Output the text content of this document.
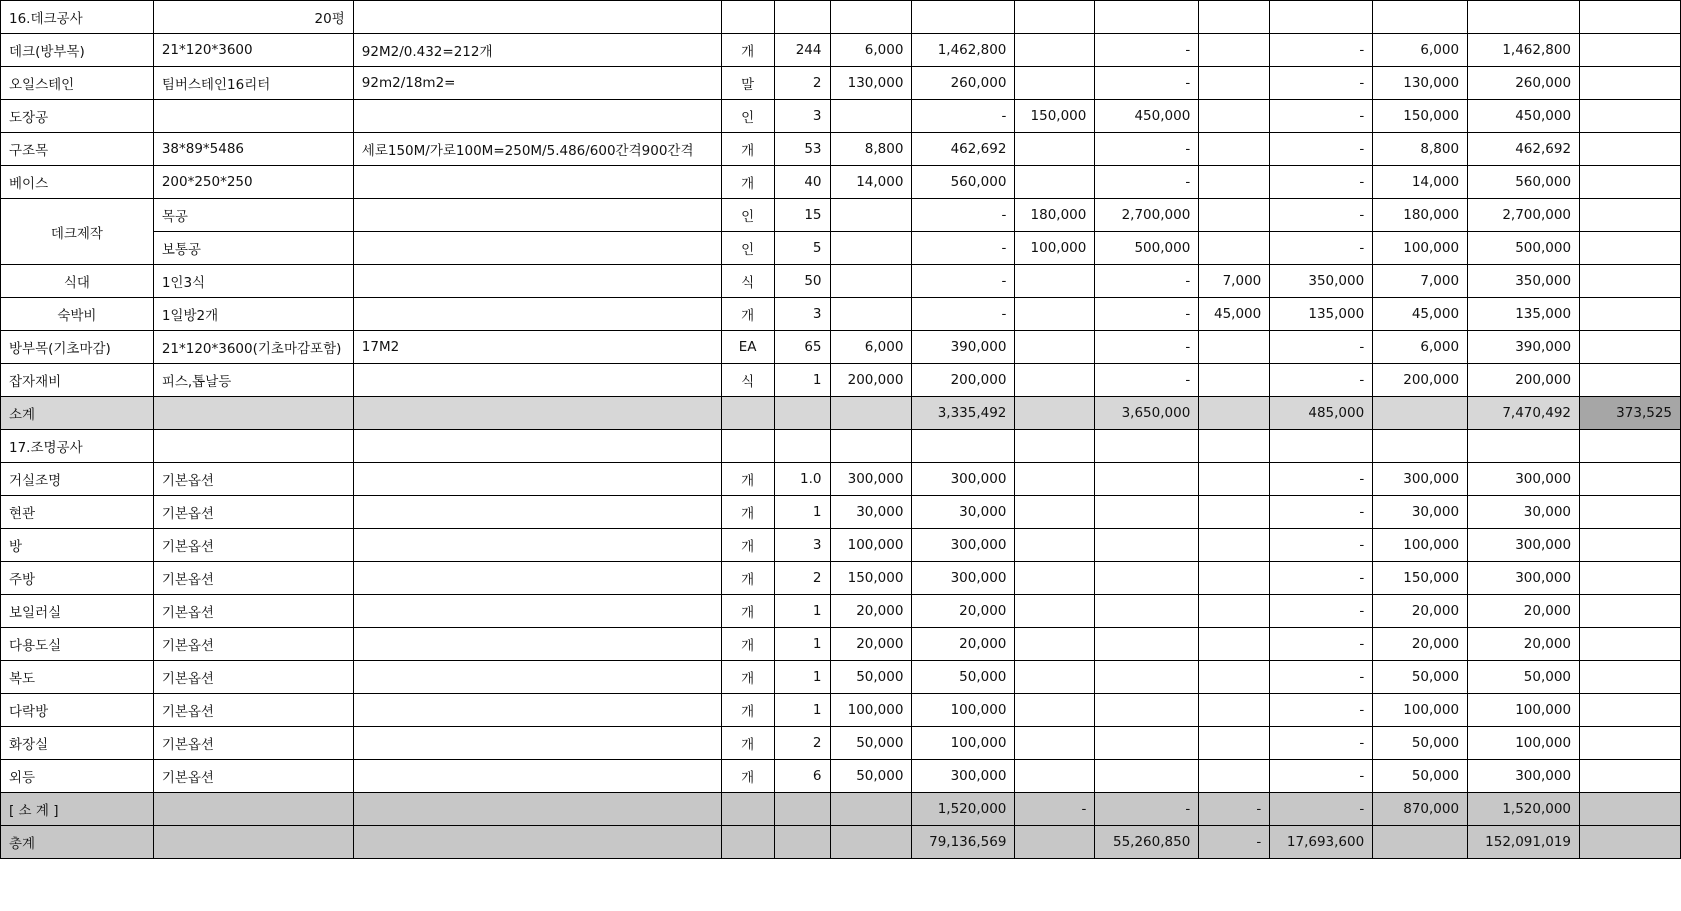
16.데크공사	20평												
데크(방부목)	21*120*3600	92M2/0.432=212개	개	244	6,000	1,462,800		-		-	6,000	1,462,800	
오일스테인	팀버스테인16리터	92m2/18m2=	말	2	130,000	260,000		-		-	130,000	260,000	
도장공			인	3		-	150,000	450,000		-	150,000	450,000	
구조목	38*89*5486	세로150M/가로100M=250M/5.486/600간격900간격	개	53	8,800	462,692		-		-	8,800	462,692	
베이스	200*250*250		개	40	14,000	560,000		-		-	14,000	560,000	
데크제작	목공		인	15		-	180,000	2,700,000		-	180,000	2,700,000	
	보통공		인	5		-	100,000	500,000		-	100,000	500,000	
식대	1인3식		식	50		-		-	7,000	350,000	7,000	350,000	
숙박비	1일방2개		개	3		-		-	45,000	135,000	45,000	135,000	
방부목(기초마감)	21*120*3600(기초마감포함)	17M2	EA	65	6,000	390,000		-		-	6,000	390,000	
잡자재비	피스,톱날등		식	1	200,000	200,000		-		-	200,000	200,000	
소계						3,335,492		3,650,000		485,000		7,470,492	373,525
17.조명공사													
거실조명	기본옵션		개	1.0	300,000	300,000				-	300,000	300,000	
현관	기본옵션		개	1	30,000	30,000				-	30,000	30,000	
방	기본옵션		개	3	100,000	300,000				-	100,000	300,000	
주방	기본옵션		개	2	150,000	300,000				-	150,000	300,000	
보일러실	기본옵션		개	1	20,000	20,000				-	20,000	20,000	
다용도실	기본옵션		개	1	20,000	20,000				-	20,000	20,000	
복도	기본옵션		개	1	50,000	50,000				-	50,000	50,000	
다락방	기본옵션		개	1	100,000	100,000				-	100,000	100,000	
화장실	기본옵션		개	2	50,000	100,000				-	50,000	100,000	
외등	기본옵션		개	6	50,000	300,000				-	50,000	300,000	
[ 소 계 ]						1,520,000	-	-	-	-	870,000	1,520,000	
총계						79,136,569		55,260,850	-	17,693,600		152,091,019	
